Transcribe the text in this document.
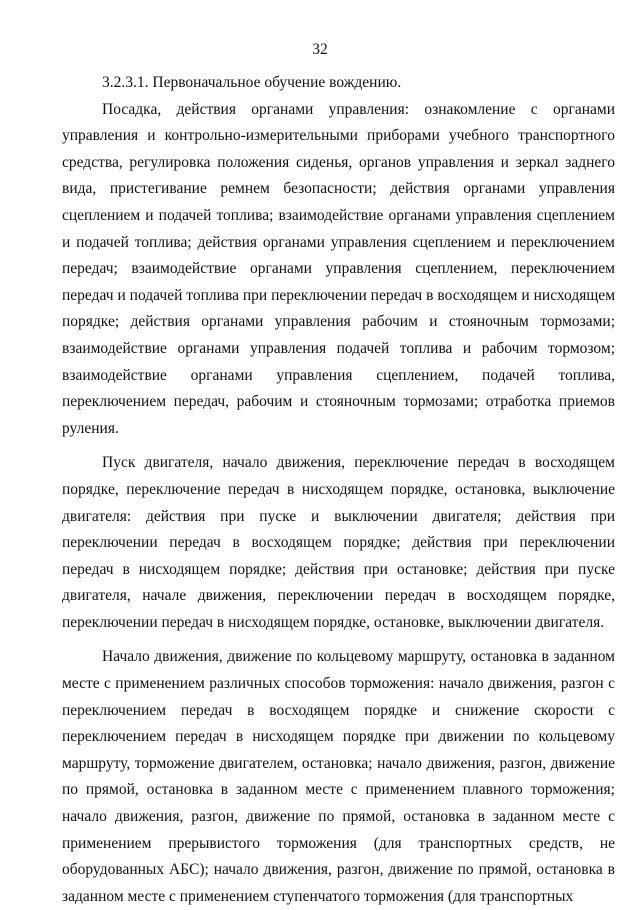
32

3.2.3.1. Первоначальное обучение вождению.

Посадка, действия органами управления: ознакомление с органами управления и контрольно-измерительными приборами учебного транспортного средства, регулировка положения сиденья, органов управления и зеркал заднего вида, пристегивание ремнем безопасности; действия органами управления сцеплением и подачей топлива; взаимодействие органами управления сцеплением и подачей топлива; действия органами управления сцеплением и переключением передач; взаимодействие органами управления сцеплением, переключением передач и подачей топлива при переключении передач в восходящем и нисходящем порядке; действия органами управления рабочим и стояночным тормозами; взаимодействие органами управления подачей топлива и рабочим тормозом; взаимодействие органами управления сцеплением, подачей топлива, переключением передач, рабочим и стояночным тормозами; отработка приемов руления.

Пуск двигателя, начало движения, переключение передач в восходящем порядке, переключение передач в нисходящем порядке, остановка, выключение двигателя: действия при пуске и выключении двигателя; действия при переключении передач в восходящем порядке; действия при переключении передач в нисходящем порядке; действия при остановке; действия при пуске двигателя, начале движения, переключении передач в восходящем порядке, переключении передач в нисходящем порядке, остановке, выключении двигателя.

Начало движения, движение по кольцевому маршруту, остановка в заданном месте с применением различных способов торможения: начало движения, разгон с переключением передач в восходящем порядке и снижение скорости с переключением передач в нисходящем порядке при движении по кольцевому маршруту, торможение двигателем, остановка; начало движения, разгон, движение по прямой, остановка в заданном месте с применением плавного торможения; начало движения, разгон, движение по прямой, остановка в заданном месте с применением прерывистого торможения (для транспортных средств, не оборудованных АБС); начало движения, разгон, движение по прямой, остановка в заданном месте с применением ступенчатого торможения (для транспортных
